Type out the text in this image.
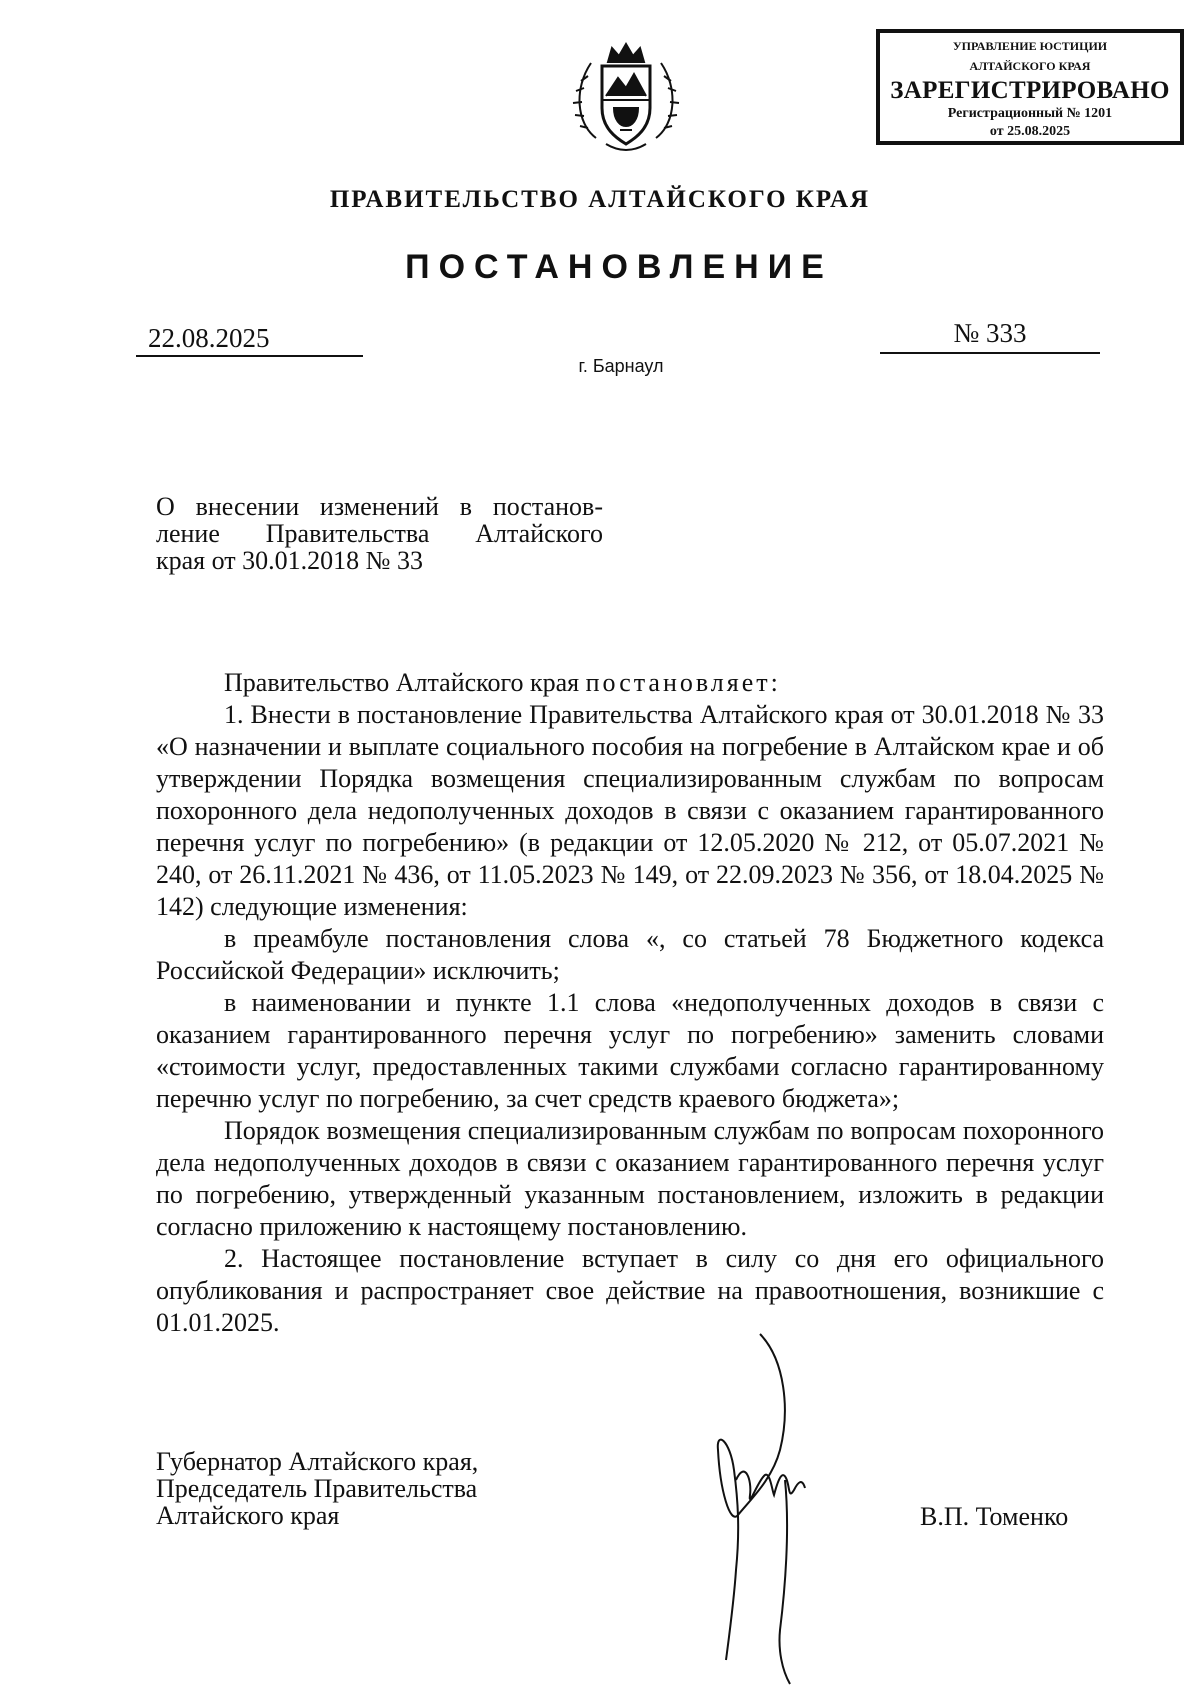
УПРАВЛЕНИЕ ЮСТИЦИИ
АЛТАЙСКОГО КРАЯ
ЗАРЕГИСТРИРОВАНО
Регистрационный № 1201
от 25.08.2025
ПРАВИТЕЛЬСТВО АЛТАЙСКОГО КРАЯ
ПОСТАНОВЛЕНИЕ
22.08.2025	№ 333
г. Барнаул
О внесении изменений в постанов-
ление Правительства Алтайского
края от 30.01.2018 № 33

Правительство Алтайского края постановляет:

1. Внести в постановление Правительства Алтайского края от 30.01.2018 № 33 «О назначении и выплате социального пособия на погребение в Алтайском крае и об утверждении Порядка возмещения специализированным службам по вопросам похоронного дела недополученных доходов в связи с оказанием гарантированного перечня услуг по погребению» (в редакции от 12.05.2020 № 212, от 05.07.2021 № 240, от 26.11.2021 № 436, от 11.05.2023 № 149, от 22.09.2023 № 356, от 18.04.2025 № 142) следующие изменения:

в преамбуле постановления слова «, со статьей 78 Бюджетного кодекса Российской Федерации» исключить;

в наименовании и пункте 1.1 слова «недополученных доходов в связи с оказанием гарантированного перечня услуг по погребению» заменить словами «стоимости услуг, предоставленных такими службами согласно гарантированному перечню услуг по погребению, за счет средств краевого бюджета»;

Порядок возмещения специализированным службам по вопросам похоронного дела недополученных доходов в связи с оказанием гарантированного перечня услуг по погребению, утвержденный указанным постановлением, изложить в редакции согласно приложению к настоящему постановлению.

2. Настоящее постановление вступает в силу со дня его официального опубликования и распространяет свое действие на правоотношения, возникшие с 01.01.2025.

Губернатор Алтайского края,
Председатель Правительства
Алтайского края	В.П. Томенко
